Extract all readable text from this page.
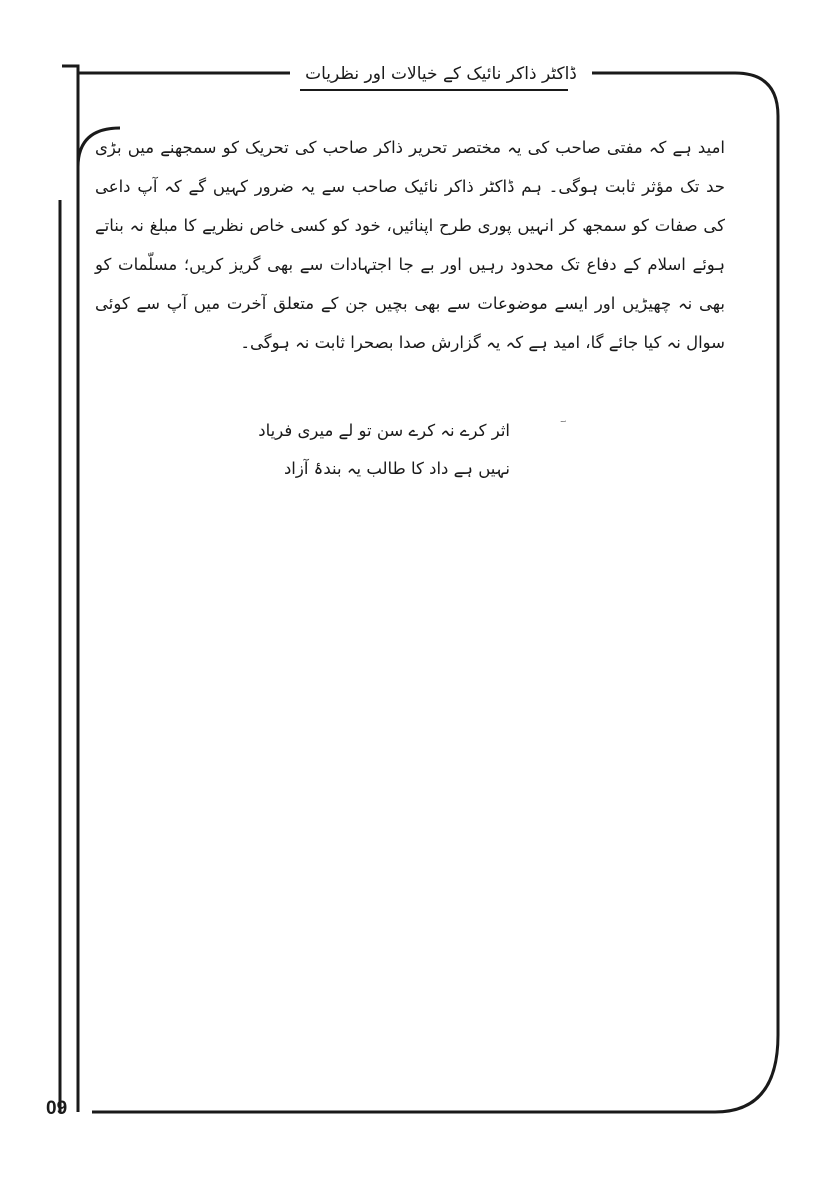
ڈاکٹر ذاکر نائیک کے خیالات اور نظریات
امید ہے کہ مفتی صاحب کی یہ مختصر تحریر ذاکر صاحب کی تحریک کو سمجھنے میں بڑی حد تک مؤثر ثابت ہوگی۔ ہم ڈاکٹر ذاکر نائیک صاحب سے یہ ضرور کہیں گے کہ آپ داعی کی صفات کو سمجھ کر انہیں پوری طرح اپنائیں، خود کو کسی خاص نظریے کا مبلغ نہ بناتے ہوئے اسلام کے دفاع تک محدود رہیں اور بے جا اجتہادات سے بھی گریز کریں؛ مسلّمات کو بھی نہ چھیڑیں اور ایسے موضوعات سے بھی بچیں جن کے متعلق آخرت میں آپ سے کوئی سوال نہ کیا جائے گا، امید ہے کہ یہ گزارش صدا بصحرا ثابت نہ ہوگی۔
اثر کرے نہ کرے سن تو لے میری فریاد
نہیں ہے داد کا طالب یہ بندۂ آزاد
09
